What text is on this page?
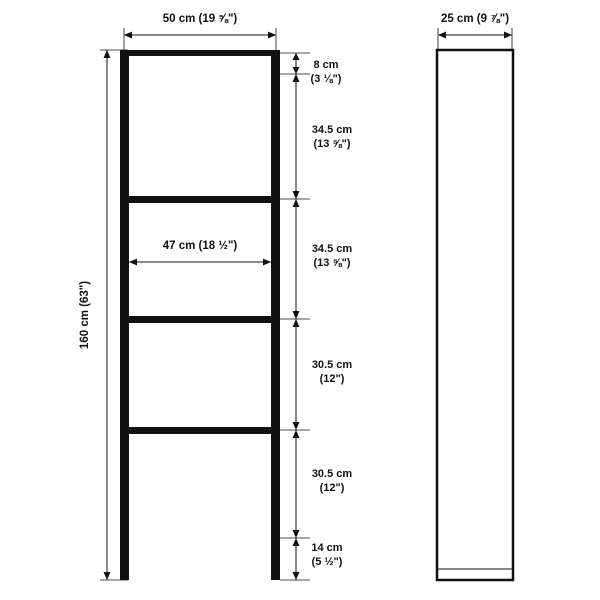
50 cm (19 ⅝")
47 cm (18 ½")
160 cm (63")
8 cm
(3 ⅛")
34.5 cm
(13 ⅝")
34.5 cm
(13 ⅝")
30.5 cm
(12")
30.5 cm
(12")
14 cm
(5 ½")
25 cm (9 ⅞")
